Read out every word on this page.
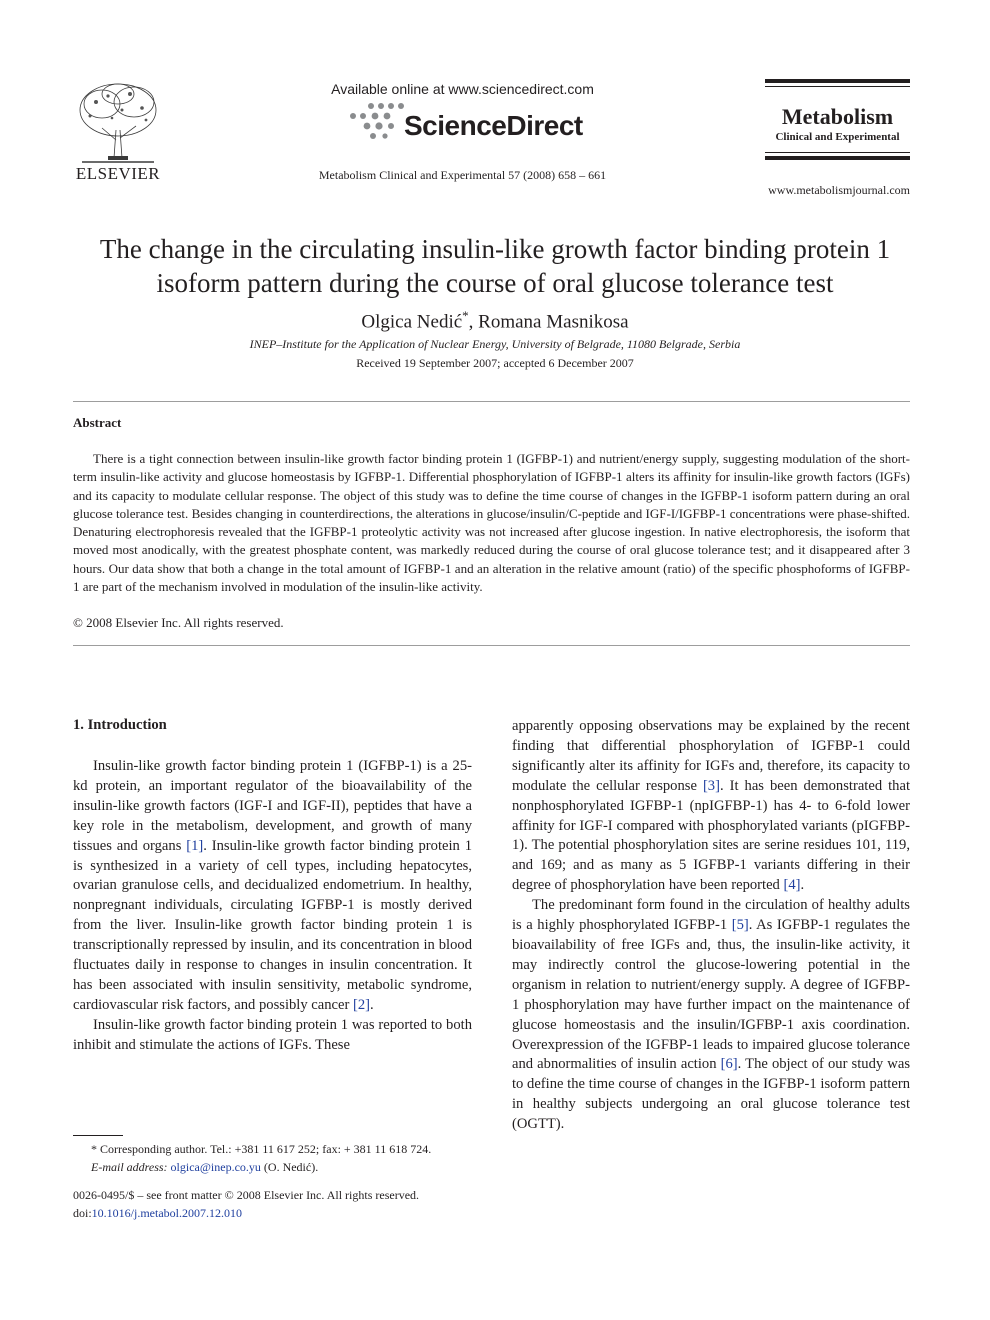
ELSEVIER
Available online at www.sciencedirect.com
ScienceDirect
Metabolism Clinical and Experimental 57 (2008) 658 – 661
Metabolism
Clinical and Experimental
www.metabolismjournal.com
The change in the circulating insulin-like growth factor binding protein 1
isoform pattern during the course of oral glucose tolerance test
Olgica Nedić*, Romana Masnikosa
INEP–Institute for the Application of Nuclear Energy, University of Belgrade, 11080 Belgrade, Serbia
Received 19 September 2007; accepted 6 December 2007
Abstract
There is a tight connection between insulin-like growth factor binding protein 1 (IGFBP-1) and nutrient/energy supply, suggesting modulation of the short-term insulin-like activity and glucose homeostasis by IGFBP-1. Differential phosphorylation of IGFBP-1 alters its affinity for insulin-like growth factors (IGFs) and its capacity to modulate cellular response. The object of this study was to define the time course of changes in the IGFBP-1 isoform pattern during an oral glucose tolerance test. Besides changing in counterdirections, the alterations in glucose/insulin/C-peptide and IGF-I/IGFBP-1 concentrations were phase-shifted. Denaturing electrophoresis revealed that the IGFBP-1 proteolytic activity was not increased after glucose ingestion. In native electrophoresis, the isoform that moved most anodically, with the greatest phosphate content, was markedly reduced during the course of oral glucose tolerance test; and it disappeared after 3 hours. Our data show that both a change in the total amount of IGFBP-1 and an alteration in the relative amount (ratio) of the specific phosphoforms of IGFBP-1 are part of the mechanism involved in modulation of the insulin-like activity.
© 2008 Elsevier Inc. All rights reserved.
1. Introduction

Insulin-like growth factor binding protein 1 (IGFBP-1) is a 25-kd protein, an important regulator of the bioavailability of the insulin-like growth factors (IGF-I and IGF-II), peptides that have a key role in the metabolism, development, and growth of many tissues and organs [1]. Insulin-like growth factor binding protein 1 is synthesized in a variety of cell types, including hepatocytes, ovarian granulose cells, and decidualized endometrium. In healthy, nonpregnant individuals, circulating IGFBP-1 is mostly derived from the liver. Insulin-like growth factor binding protein 1 is transcriptionally repressed by insulin, and its concentration in blood fluctuates daily in response to changes in insulin concentration. It has been associated with insulin sensitivity, metabolic syndrome, cardiovascular risk factors, and possibly cancer [2].

Insulin-like growth factor binding protein 1 was reported to both inhibit and stimulate the actions of IGFs. These

apparently opposing observations may be explained by the recent finding that differential phosphorylation of IGFBP-1 could significantly alter its affinity for IGFs and, therefore, its capacity to modulate the cellular response [3]. It has been demonstrated that nonphosphorylated IGFBP-1 (npIGFBP-1) has 4- to 6-fold lower affinity for IGF-I compared with phosphorylated variants (pIGFBP-1). The potential phosphorylation sites are serine residues 101, 119, and 169; and as many as 5 IGFBP-1 variants differing in their degree of phosphorylation have been reported [4].

The predominant form found in the circulation of healthy adults is a highly phosphorylated IGFBP-1 [5]. As IGFBP-1 regulates the bioavailability of free IGFs and, thus, the insulin-like activity, it may indirectly control the glucose-lowering potential in the organism in relation to nutrient/energy supply. A degree of IGFBP-1 phosphorylation may have further impact on the maintenance of glucose homeostasis and the insulin/IGFBP-1 axis coordination. Overexpression of the IGFBP-1 leads to impaired glucose tolerance and abnormalities of insulin action [6]. The object of our study was to define the time course of changes in the IGFBP-1 isoform pattern in healthy subjects undergoing an oral glucose tolerance test (OGTT).

* Corresponding author. Tel.: +381 11 617 252; fax: + 381 11 618 724.
E-mail address: olgica@inep.co.yu (O. Nedić).
0026-0495/$ – see front matter © 2008 Elsevier Inc. All rights reserved.
doi:10.1016/j.metabol.2007.12.010
